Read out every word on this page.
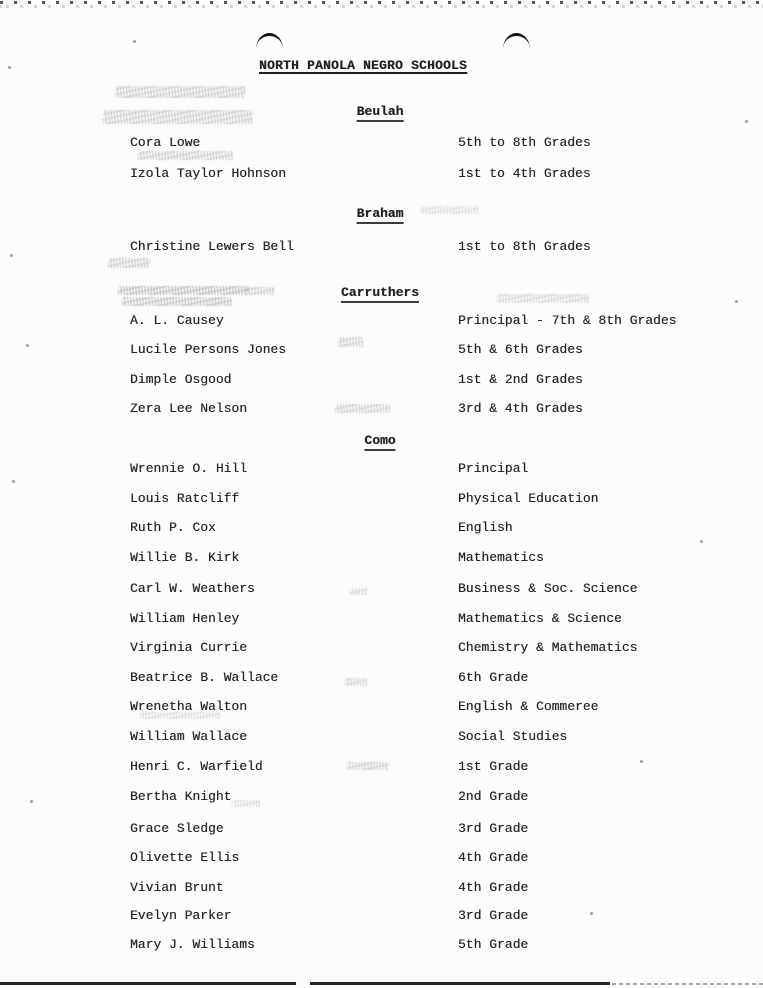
NORTH PANOLA NEGRO SCHOOLS
Beulah
Cora Lowe	5th to 8th Grades
Izola Taylor Hohnson	1st to 4th Grades
Braham
Christine Lewers Bell	1st to 8th Grades
Carruthers
A. L. Causey	Principal - 7th & 8th Grades
Lucile Persons Jones	5th & 6th Grades
Dimple Osgood	1st & 2nd Grades
Zera Lee Nelson	3rd & 4th Grades
Como
Wrennie O. Hill	Principal
Louis Ratcliff	Physical Education
Ruth P. Cox	English
Willie B. Kirk	Mathematics
Carl W. Weathers	Business & Soc. Science
William Henley	Mathematics & Science
Virginia Currie	Chemistry & Mathematics
Beatrice B. Wallace	6th Grade
Wrenetha Walton	English & Commeree
William Wallace	Social Studies
Henri C. Warfield	1st Grade
Bertha Knight	2nd Grade
Grace Sledge	3rd Grade
Olivette Ellis	4th Grade
Vivian Brunt	4th Grade
Evelyn Parker	3rd Grade
Mary J. Williams	5th Grade
